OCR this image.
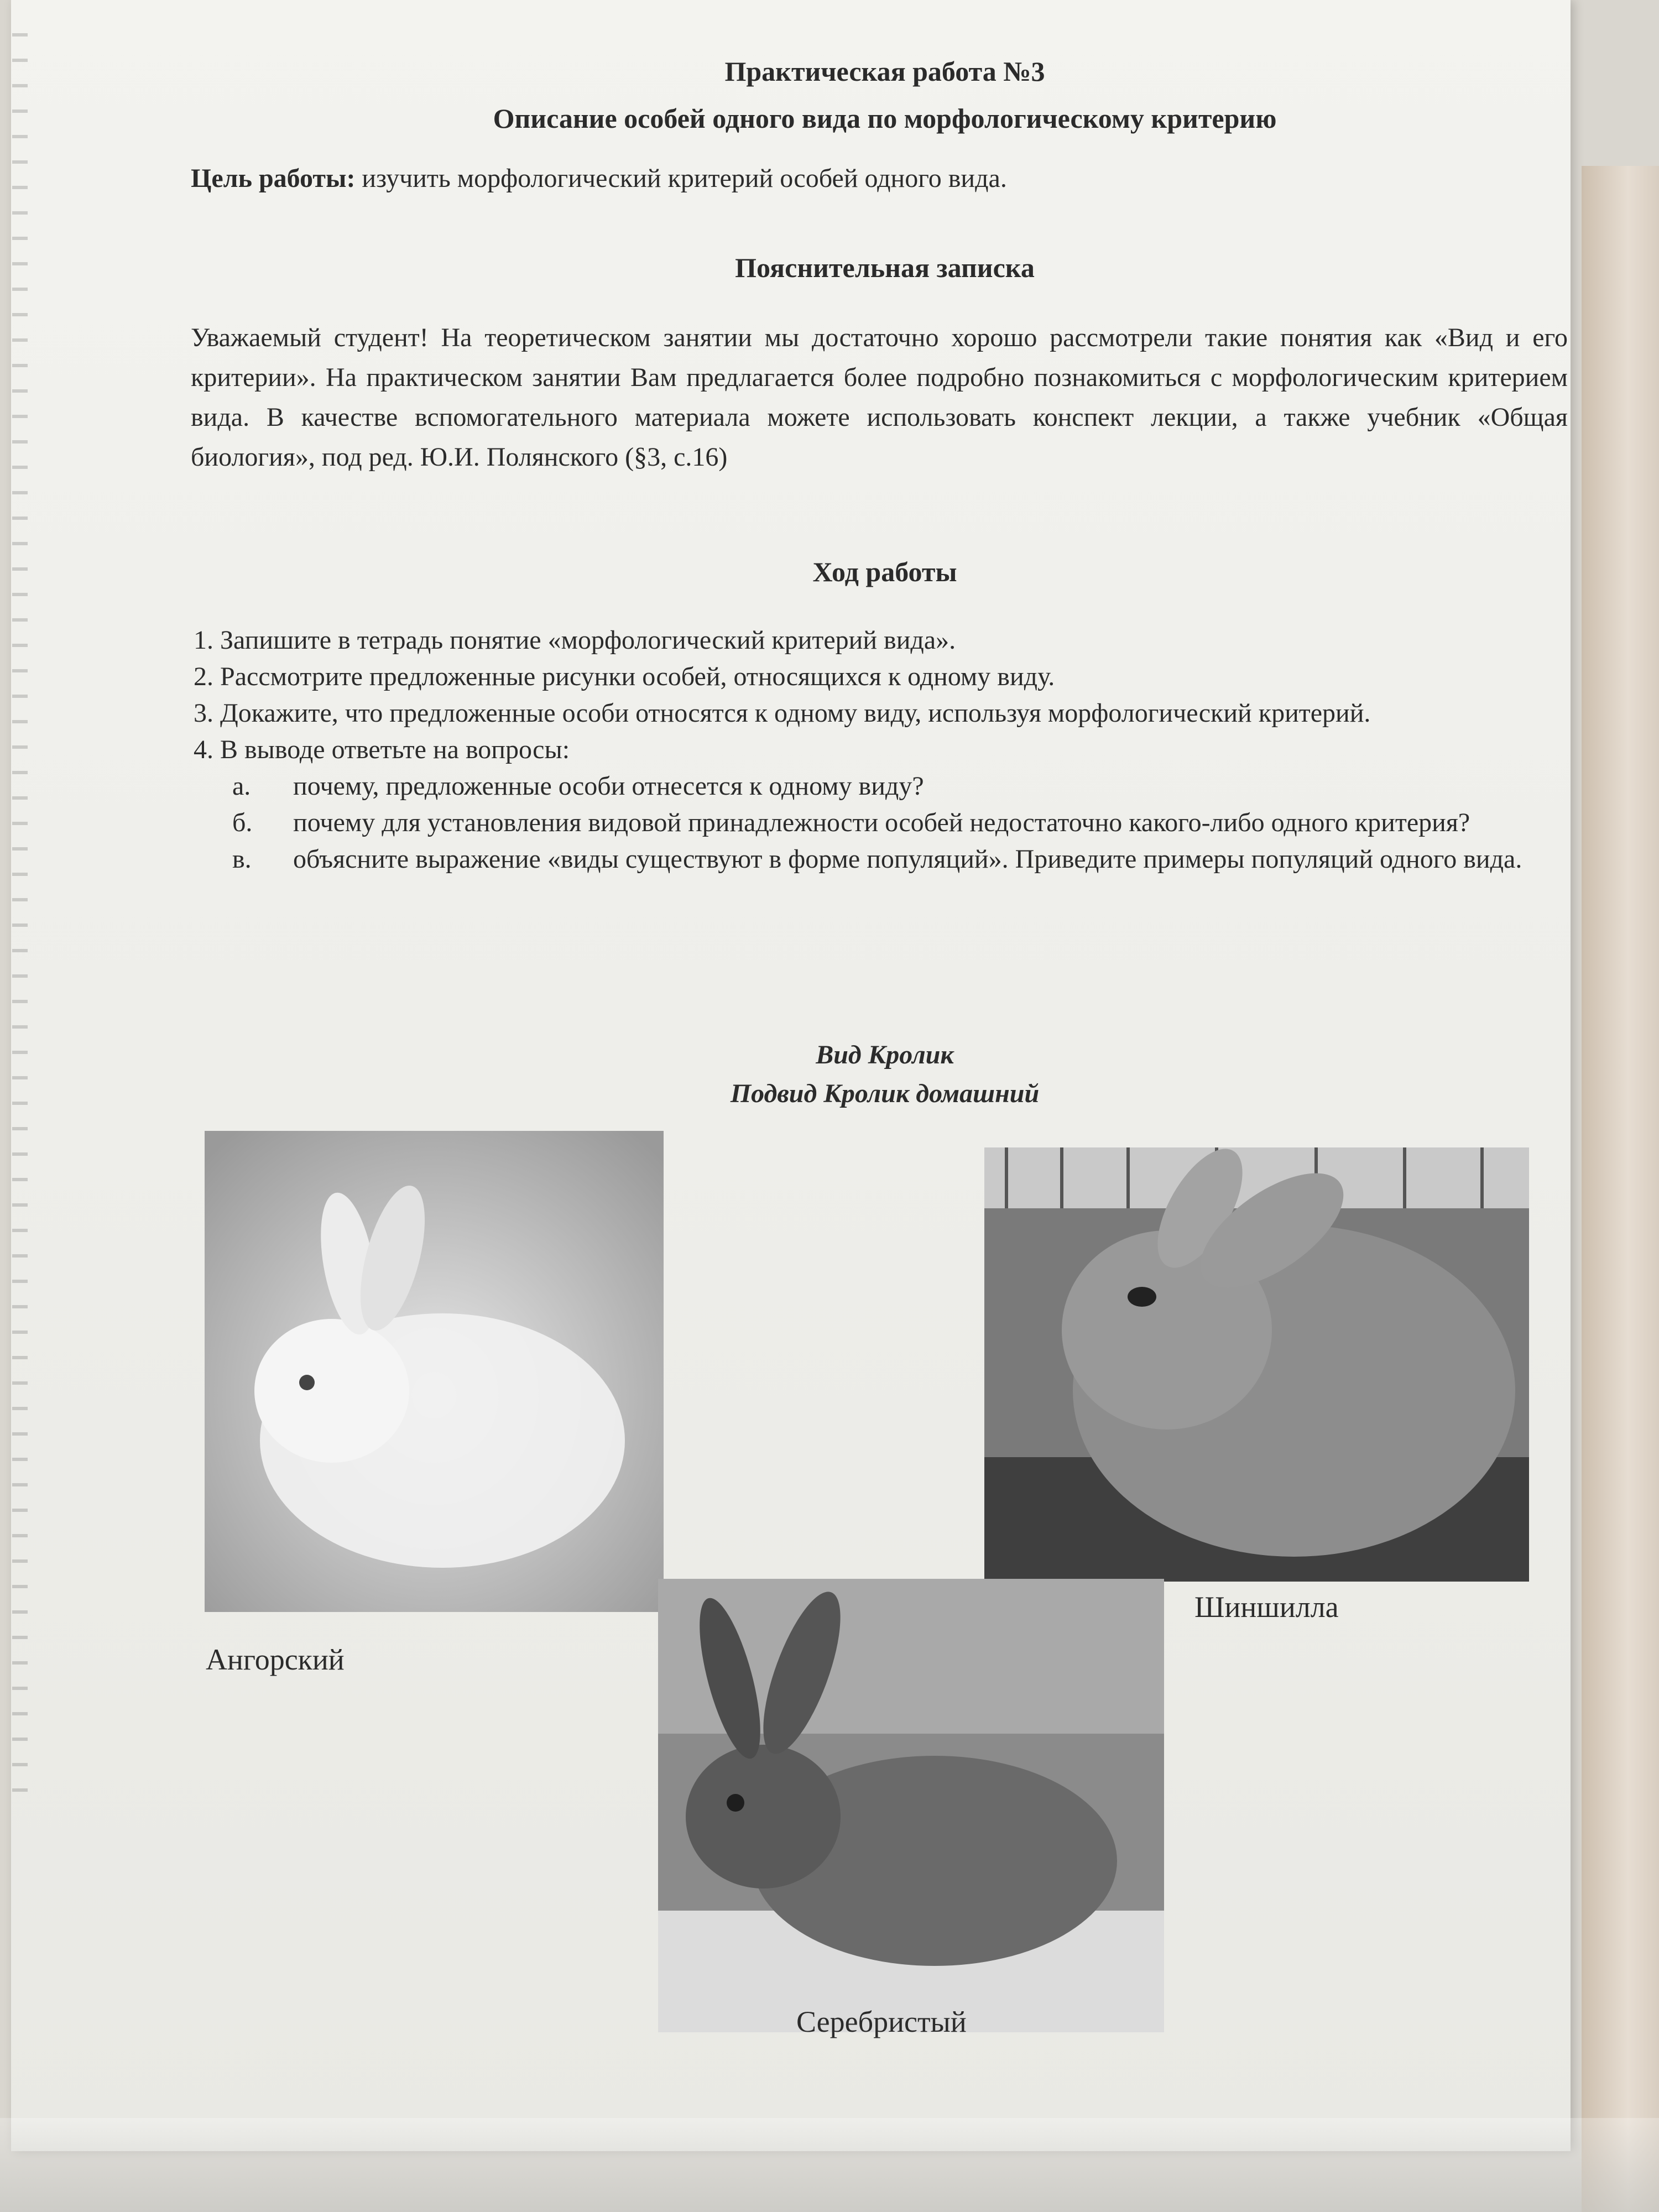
Практическая работа №3
Описание особей одного вида по морфологическому критерию
Цель работы: изучить морфологический критерий особей одного вида.
Пояснительная записка
Уважаемый студент! На теоретическом занятии мы достаточно хорошо рассмотрели такие понятия как «Вид и его критерии». На практическом занятии Вам предлагается более подробно познакомиться с морфологическим критерием вида. В качестве вспомогательного материала можете использовать конспект лекции, а также учебник «Общая биология», под ред. Ю.И. Полянского (§3, с.16)
Ход работы
1. Запишите в тетрадь понятие «морфологический критерий вида».
2. Рассмотрите предложенные рисунки особей, относящихся к одному виду.
3. Докажите, что предложенные особи относятся к одному виду, используя морфологический критерий.
4. В выводе ответьте на вопросы:
а. почему, предложенные особи отнесется к одному виду?
б. почему для установления видовой принадлежности особей недостаточно какого-либо одного критерия?
в. объясните выражение «виды существуют в форме популяций». Приведите примеры популяций одного вида.
Вид Кролик
Подвид Кролик домашний
Ангорский
Шиншилла
Серебристый
